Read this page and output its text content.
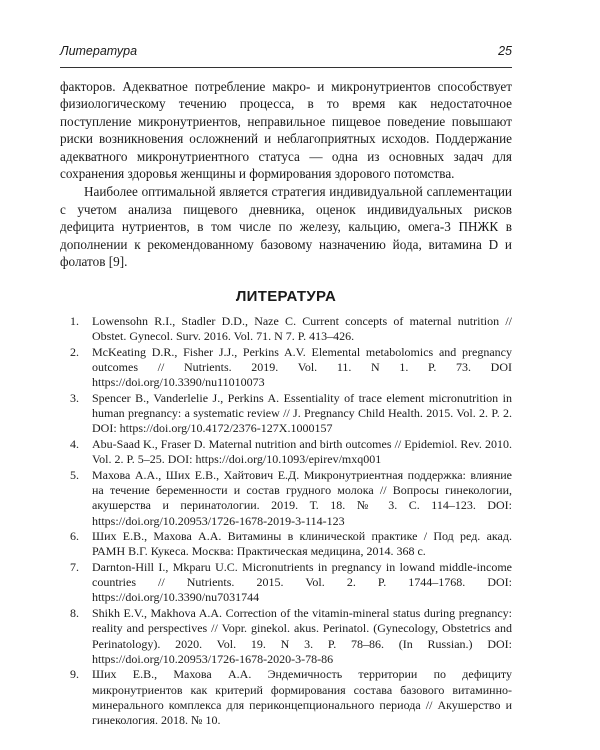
Литература	25

факторов. Адекватное потребление макро- и микронутриентов способствует физиологическому течению процесса, в то время как недостаточное поступление микронутриентов, неправильное пищевое поведение повышают риски возникновения осложнений и неблагоприятных исходов. Поддержание адекватного микронутриентного статуса — одна из основных задач для сохранения здоровья женщины и формирования здорового потомства.

Наиболее оптимальной является стратегия индивидуальной саплементации с учетом анализа пищевого дневника, оценок индивидуальных рисков дефицита нутриентов, в том числе по железу, кальцию, омега-3 ПНЖК в дополнении к рекомендованному базовому назначению йода, витамина D и фолатов [9].

ЛИТЕРАТУРА
1. Lowensohn R.I., Stadler D.D., Naze C. Current concepts of maternal nutrition // Obstet. Gynecol. Surv. 2016. Vol. 71. N 7. P. 413–426.
2. McKeating D.R., Fisher J.J., Perkins A.V. Elemental metabolomics and pregnancy outcomes // Nutrients. 2019. Vol. 11. N 1. P. 73. DOI https://doi.org/10.3390/nu11010073
3. Spencer B., Vanderlelie J., Perkins A. Essentiality of trace element micronutrition in human pregnancy: a systematic review // J. Pregnancy Child Health. 2015. Vol. 2. P. 2. DOI: https://doi.org/10.4172/2376-127X.1000157
4. Abu-Saad K., Fraser D. Maternal nutrition and birth outcomes // Epidemiol. Rev. 2010. Vol. 2. P. 5–25. DOI: https://doi.org/10.1093/epirev/mxq001
5. Махова А.А., Ших Е.В., Хайтович Е.Д. Микронутриентная поддержка: влияние на течение беременности и состав грудного молока // Вопросы гинекологии, акушерства и перинатологии. 2019. Т. 18. № 3. С. 114–123. DOI: https://doi.org/10.20953/1726-1678-2019-3-114-123
6. Ших Е.В., Махова А.А. Витамины в клинической практике / Под ред. акад. РАМН В.Г. Кукеса. Москва: Практическая медицина, 2014. 368 с.
7. Darnton-Hill I., Mkparu U.C. Micronutrients in pregnancy in lowand middle-income countries // Nutrients. 2015. Vol. 2. P. 1744–1768. DOI: https://doi.org/10.3390/nu7031744
8. Shikh E.V., Makhova A.A. Correction of the vitamin-mineral status during pregnancy: reality and perspectives // Vopr. ginekol. akus. Perinatol. (Gynecology, Obstetrics and Perinatology). 2020. Vol. 19. N 3. P. 78–86. (In Russian.) DOI: https://doi.org/10.20953/1726-1678-2020-3-78-86
9. Ших Е.В., Махова А.А. Эндемичность территории по дефициту микронутриентов как критерий формирования состава базового витаминно-минерального комплекса для периконцепционального периода // Акушерство и гинекология. 2018. № 10.
